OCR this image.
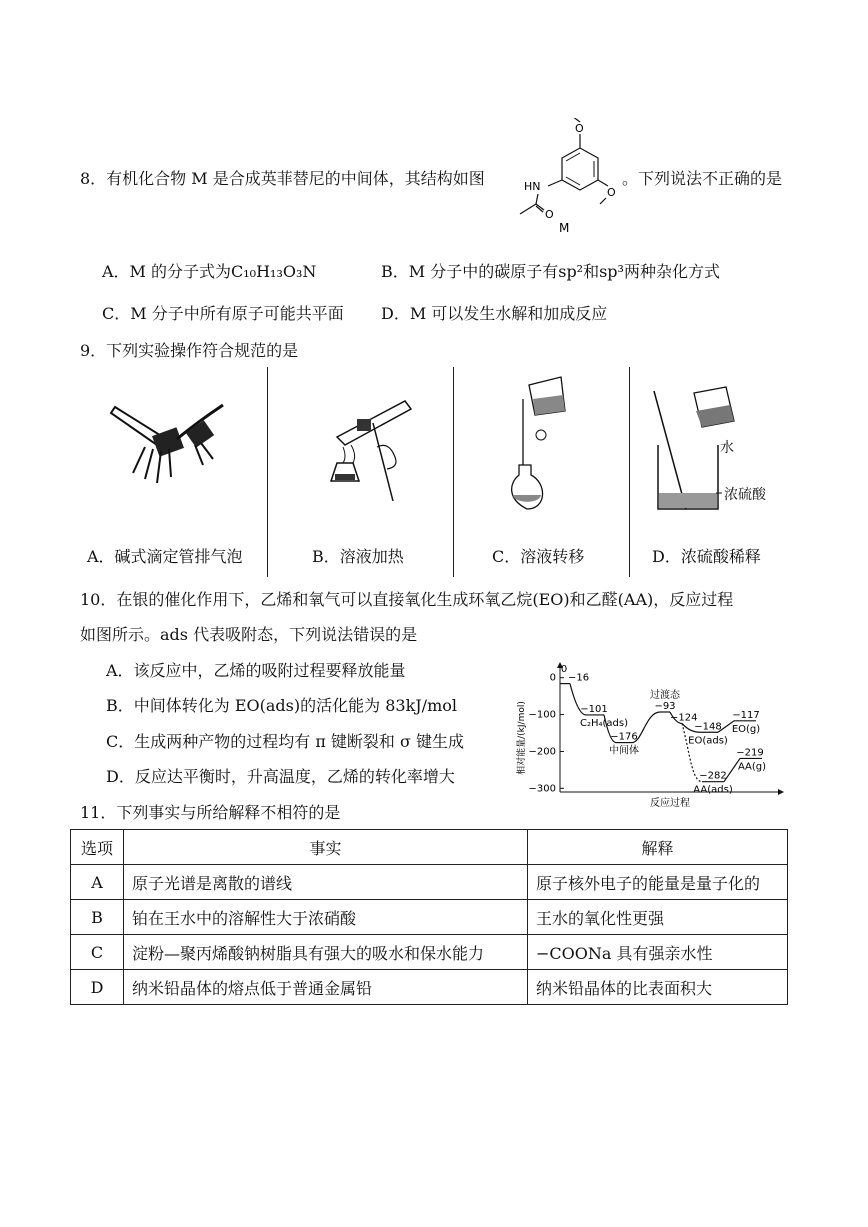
8．有机化合物 M 是合成英菲替尼的中间体，其结构如图
O
O
HN
O
M
。下列说法不正确的是
A．M 的分子式为C₁₀H₁₃O₃N	B．M 分子中的碳原子有sp²和sp³两种杂化方式
C．M 分子中所有原子可能共平面 D．M 可以发生水解和加成反应
9．下列实验操作符合规范的是
A．碱式滴定管排气泡	B．溶液加热	C．溶液转移
水
浓硫酸
D．浓硫酸稀释
10．在银的催化作用下，乙烯和氧气可以直接氧化生成环氧乙烷(EO)和乙醛(AA)，反应过程
如图所示。ads 代表吸附态，下列说法错误的是
A．该反应中，乙烯的吸附过程要释放能量
B．中间体转化为 EO(ads)的活化能为 83kJ/mol
C．生成两种产物的过程均有 π 键断裂和 σ 键生成
D．反应达平衡时，升高温度，乙烯的转化率增大
0
−100
−200
−300
相对能量/(kJ/mol)
反应过程
0
−16
−101
−176
−93
−124
−148
−117
−282
−219
C₂H₄(ads)
中间体
过渡态
EO(ads)
EO(g)
AA(ads)
AA(g)
11．下列事实与所给解释不相符的是
选项	事实	解释
A	原子光谱是离散的谱线	原子核外电子的能量是量子化的
B	铂在王水中的溶解性大于浓硝酸	王水的氧化性更强
C	淀粉—聚丙烯酸钠树脂具有强大的吸水和保水能力	−COONa 具有强亲水性
D	纳米铅晶体的熔点低于普通金属铅	纳米铅晶体的比表面积大
